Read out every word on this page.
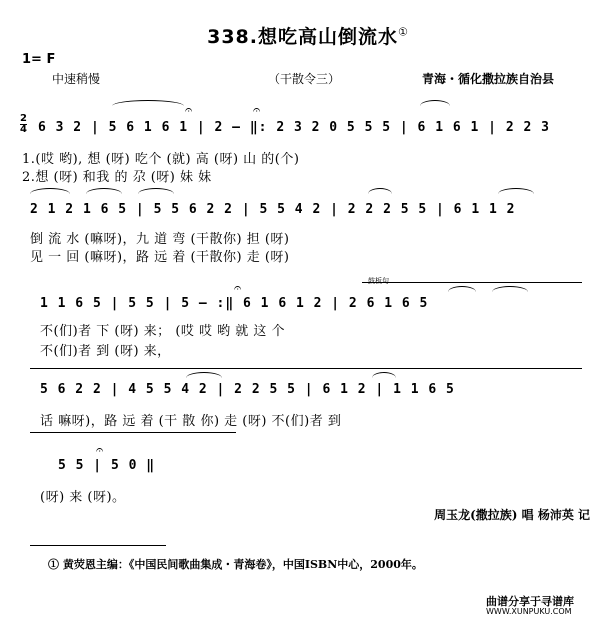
338.想吃高山倒流水①
1= F
中速稍慢	（干散令三）	青海・循化撒拉族自治县
2
4
𝄐	𝄐
6 3 2 | 5 6 1 6 1 | 2 – ‖: 2 3 2 0 5 5 5 | 6 1 6 1 | 2 2 3
1.(哎 哟), 想 (呀) 吃个 (就) 高 (呀) 山 的(个)
2.想 (呀) 和我 的 尕 (呀) 妹 妹
2 1 2 1 6 5 | 5 5 6 2 2 | 5 5 4 2 | 2 2 2 5 5 | 6 1 1 2
倒 流 水 (嘛呀)，九 道 弯 (干散你) 担 (呀)
见 一 回 (嘛呀)，路 远 着 (干散你) 走 (呀)
鼓板句
𝄐
1 1 6 5 | 5 5 | 5 – :‖ 6 1 6 1 2 | 2 6 1 6 5
不(们)者 下 (呀) 来； (哎 哎 哟 就 这 个
不(们)者 到 (呀) 来，
5 6 2 2 | 4 5 5 4 2 | 2 2 5 5 | 6 1 2 | 1 1 6 5
话 嘛呀)，路 远 着 (干 散 你) 走 (呀) 不(们)者 到
𝄐
5 5 | 5 0 ‖
(呀) 来 (呀)。
周玉龙(撒拉族) 唱 杨沛英 记
① 黄荧恩主编：《中国民间歌曲集成・青海卷》，中国ISBN中心，2000年。
曲谱分享于寻谱库
WWW.XUNPUKU.COM
